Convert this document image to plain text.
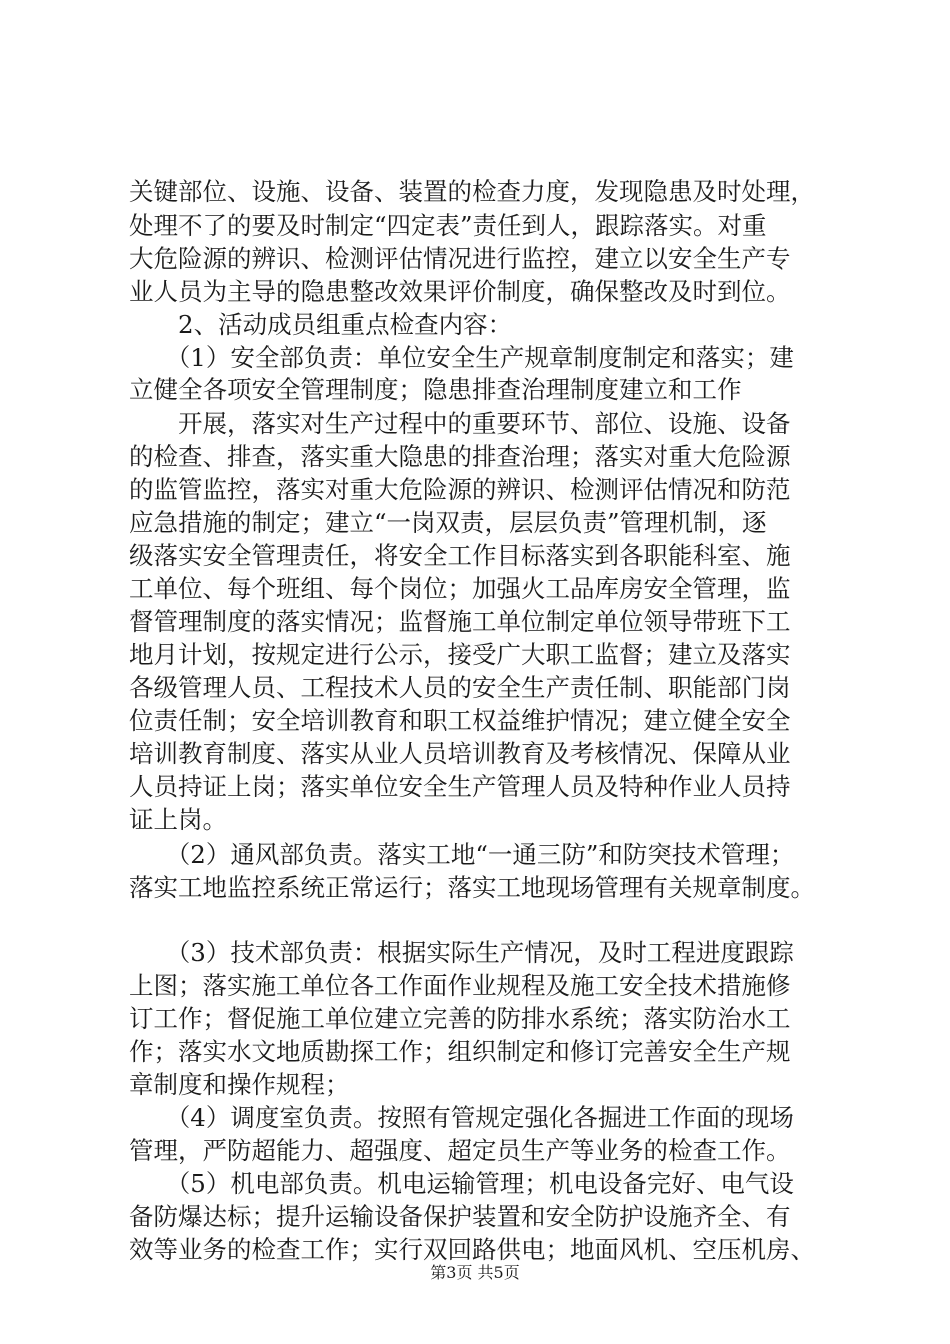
关键部位、设施、设备、装置的检查力度，发现隐患及时处理，
处理不了的要及时制定“四定表”责任到人，跟踪落实。对重
大危险源的辨识、检测评估情况进行监控，建立以安全生产专
业人员为主导的隐患整改效果评价制度，确保整改及时到位。
　　2、活动成员组重点检查内容：
　　（1）安全部负责：单位安全生产规章制度制定和落实；建
立健全各项安全管理制度；隐患排查治理制度建立和工作
　　开展，落实对生产过程中的重要环节、部位、设施、设备
的检查、排查，落实重大隐患的排查治理；落实对重大危险源
的监管监控，落实对重大危险源的辨识、检测评估情况和防范
应急措施的制定；建立“一岗双责，层层负责”管理机制，逐
级落实安全管理责任，将安全工作目标落实到各职能科室、施
工单位、每个班组、每个岗位；加强火工品库房安全管理，监
督管理制度的落实情况；监督施工单位制定单位领导带班下工
地月计划，按规定进行公示，接受广大职工监督；建立及落实
各级管理人员、工程技术人员的安全生产责任制、职能部门岗
位责任制；安全培训教育和职工权益维护情况；建立健全安全
培训教育制度、落实从业人员培训教育及考核情况、保障从业
人员持证上岗；落实单位安全生产管理人员及特种作业人员持
证上岗。
　　（2）通风部负责。落实工地“一通三防”和防突技术管理；
落实工地监控系统正常运行；落实工地现场管理有关规章制度。
　　（3）技术部负责：根据实际生产情况，及时工程进度跟踪
上图；落实施工单位各工作面作业规程及施工安全技术措施修
订工作；督促施工单位建立完善的防排水系统；落实防治水工
作；落实水文地质勘探工作；组织制定和修订完善安全生产规
章制度和操作规程；
　　（4）调度室负责。按照有管规定强化各掘进工作面的现场
管理，严防超能力、超强度、超定员生产等业务的检查工作。
　　（5）机电部负责。机电运输管理；机电设备完好、电气设
备防爆达标；提升运输设备保护装置和安全防护设施齐全、有
效等业务的检查工作；实行双回路供电；地面风机、空压机房、
第3页 共5页
